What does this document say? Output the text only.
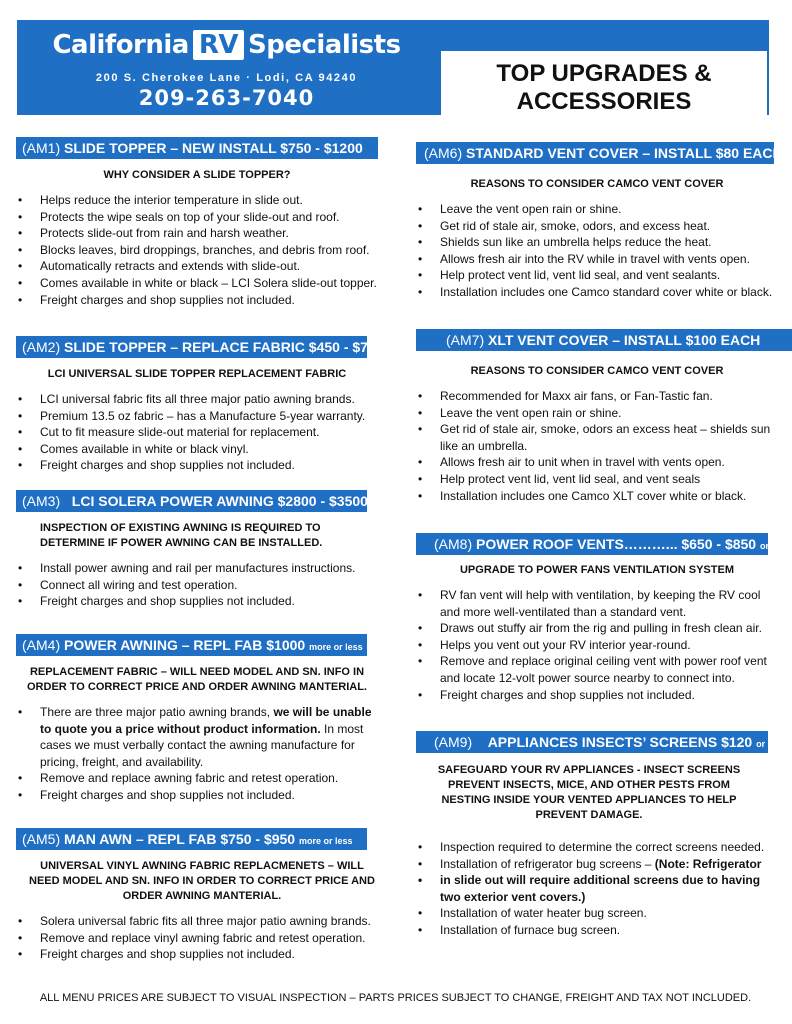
California RV Specialists
200 S. Cherokee Lane · Lodi, CA 94240
209-263-7040
TOP UPGRADES &
ACCESSORIES
(AM1) SLIDE TOPPER – NEW INSTALL $750 - $1200
WHY CONSIDER A SLIDE TOPPER?
• Helps reduce the interior temperature in slide out.
• Protects the wipe seals on top of your slide-out and roof.
• Protects slide-out from rain and harsh weather.
• Blocks leaves, bird droppings, branches, and debris from roof.
• Automatically retracts and extends with slide-out.
• Comes available in white or black – LCI Solera slide-out topper.
• Freight charges and shop supplies not included.
(AM2) SLIDE TOPPER – REPLACE FABRIC $450 - $700
LCI UNIVERSAL SLIDE TOPPER REPLACEMENT FABRIC
• LCI universal fabric fits all three major patio awning brands.
• Premium 13.5 oz fabric – has a Manufacture 5-year warranty.
• Cut to fit measure slide-out material for replacement.
• Comes available in white or black vinyl.
• Freight charges and shop supplies not included.
(AM3) LCI SOLERA POWER AWNING $2800 - $3500
INSPECTION OF EXISTING AWNING IS REQUIRED TO DETERMINE IF POWER AWNING CAN BE INSTALLED.
• Install power awning and rail per manufactures instructions.
• Connect all wiring and test operation.
• Freight charges and shop supplies not included.
(AM4) POWER AWNING – REPL FAB $1000 more or less
REPLACEMENT FABRIC – WILL NEED MODEL AND SN. INFO IN ORDER TO CORRECT PRICE AND ORDER AWNING MANTERIAL.
• There are three major patio awning brands, we will be unable to quote you a price without product information. In most cases we must verbally contact the awning manufacture for pricing, freight, and availability.
• Remove and replace awning fabric and retest operation.
• Freight charges and shop supplies not included.
(AM5) MAN AWN – REPL FAB $750 - $950 more or less
UNIVERSAL VINYL AWNING FABRIC REPLACMENETS – WILL NEED MODEL AND SN. INFO IN ORDER TO CORRECT PRICE AND ORDER AWNING MANTERIAL.
• Solera universal fabric fits all three major patio awning brands.
• Remove and replace vinyl awning fabric and retest operation.
• Freight charges and shop supplies not included.
(AM6) STANDARD VENT COVER – INSTALL $80 EACH
REASONS TO CONSIDER CAMCO VENT COVER
• Leave the vent open rain or shine.
• Get rid of stale air, smoke, odors, and excess heat.
• Shields sun like an umbrella helps reduce the heat.
• Allows fresh air into the RV while in travel with vents open.
• Help protect vent lid, vent lid seal, and vent sealants.
• Installation includes one Camco standard cover white or black.
(AM7) XLT VENT COVER – INSTALL $100 EACH
REASONS TO CONSIDER CAMCO VENT COVER
• Recommended for Maxx air fans, or Fan-Tastic fan.
• Leave the vent open rain or shine.
• Get rid of stale air, smoke, odors an excess heat – shields sun like an umbrella.
• Allows fresh air to unit when in travel with vents open.
• Help protect vent lid, vent lid seal, and vent seals
• Installation includes one Camco XLT cover white or black.
(AM8) POWER ROOF VENTS………... $650 - $850 or less
UPGRADE TO POWER FANS VENTILATION SYSTEM
• RV fan vent will help with ventilation, by keeping the RV cool and more well-ventilated than a standard vent.
• Draws out stuffy air from the rig and pulling in fresh clean air.
• Helps you vent out your RV interior year-round.
• Remove and replace original ceiling vent with power roof vent and locate 12-volt power source nearby to connect into.
• Freight charges and shop supplies not included.
(AM9) APPLIANCES INSECTS’ SCREENS $120 or less
SAFEGUARD YOUR RV APPLIANCES - INSECT SCREENS PREVENT INSECTS, MICE, AND OTHER PESTS FROM NESTING INSIDE YOUR VENTED APPLIANCES TO HELP PREVENT DAMAGE.
• Inspection required to determine the correct screens needed.
• Installation of refrigerator bug screens – (Note: Refrigerator
• in slide out will require additional screens due to having two exterior vent covers.)
• Installation of water heater bug screen.
• Installation of furnace bug screen.
ALL MENU PRICES ARE SUBJECT TO VISUAL INSPECTION – PARTS PRICES SUBJECT TO CHANGE, FREIGHT AND TAX NOT INCLUDED.
